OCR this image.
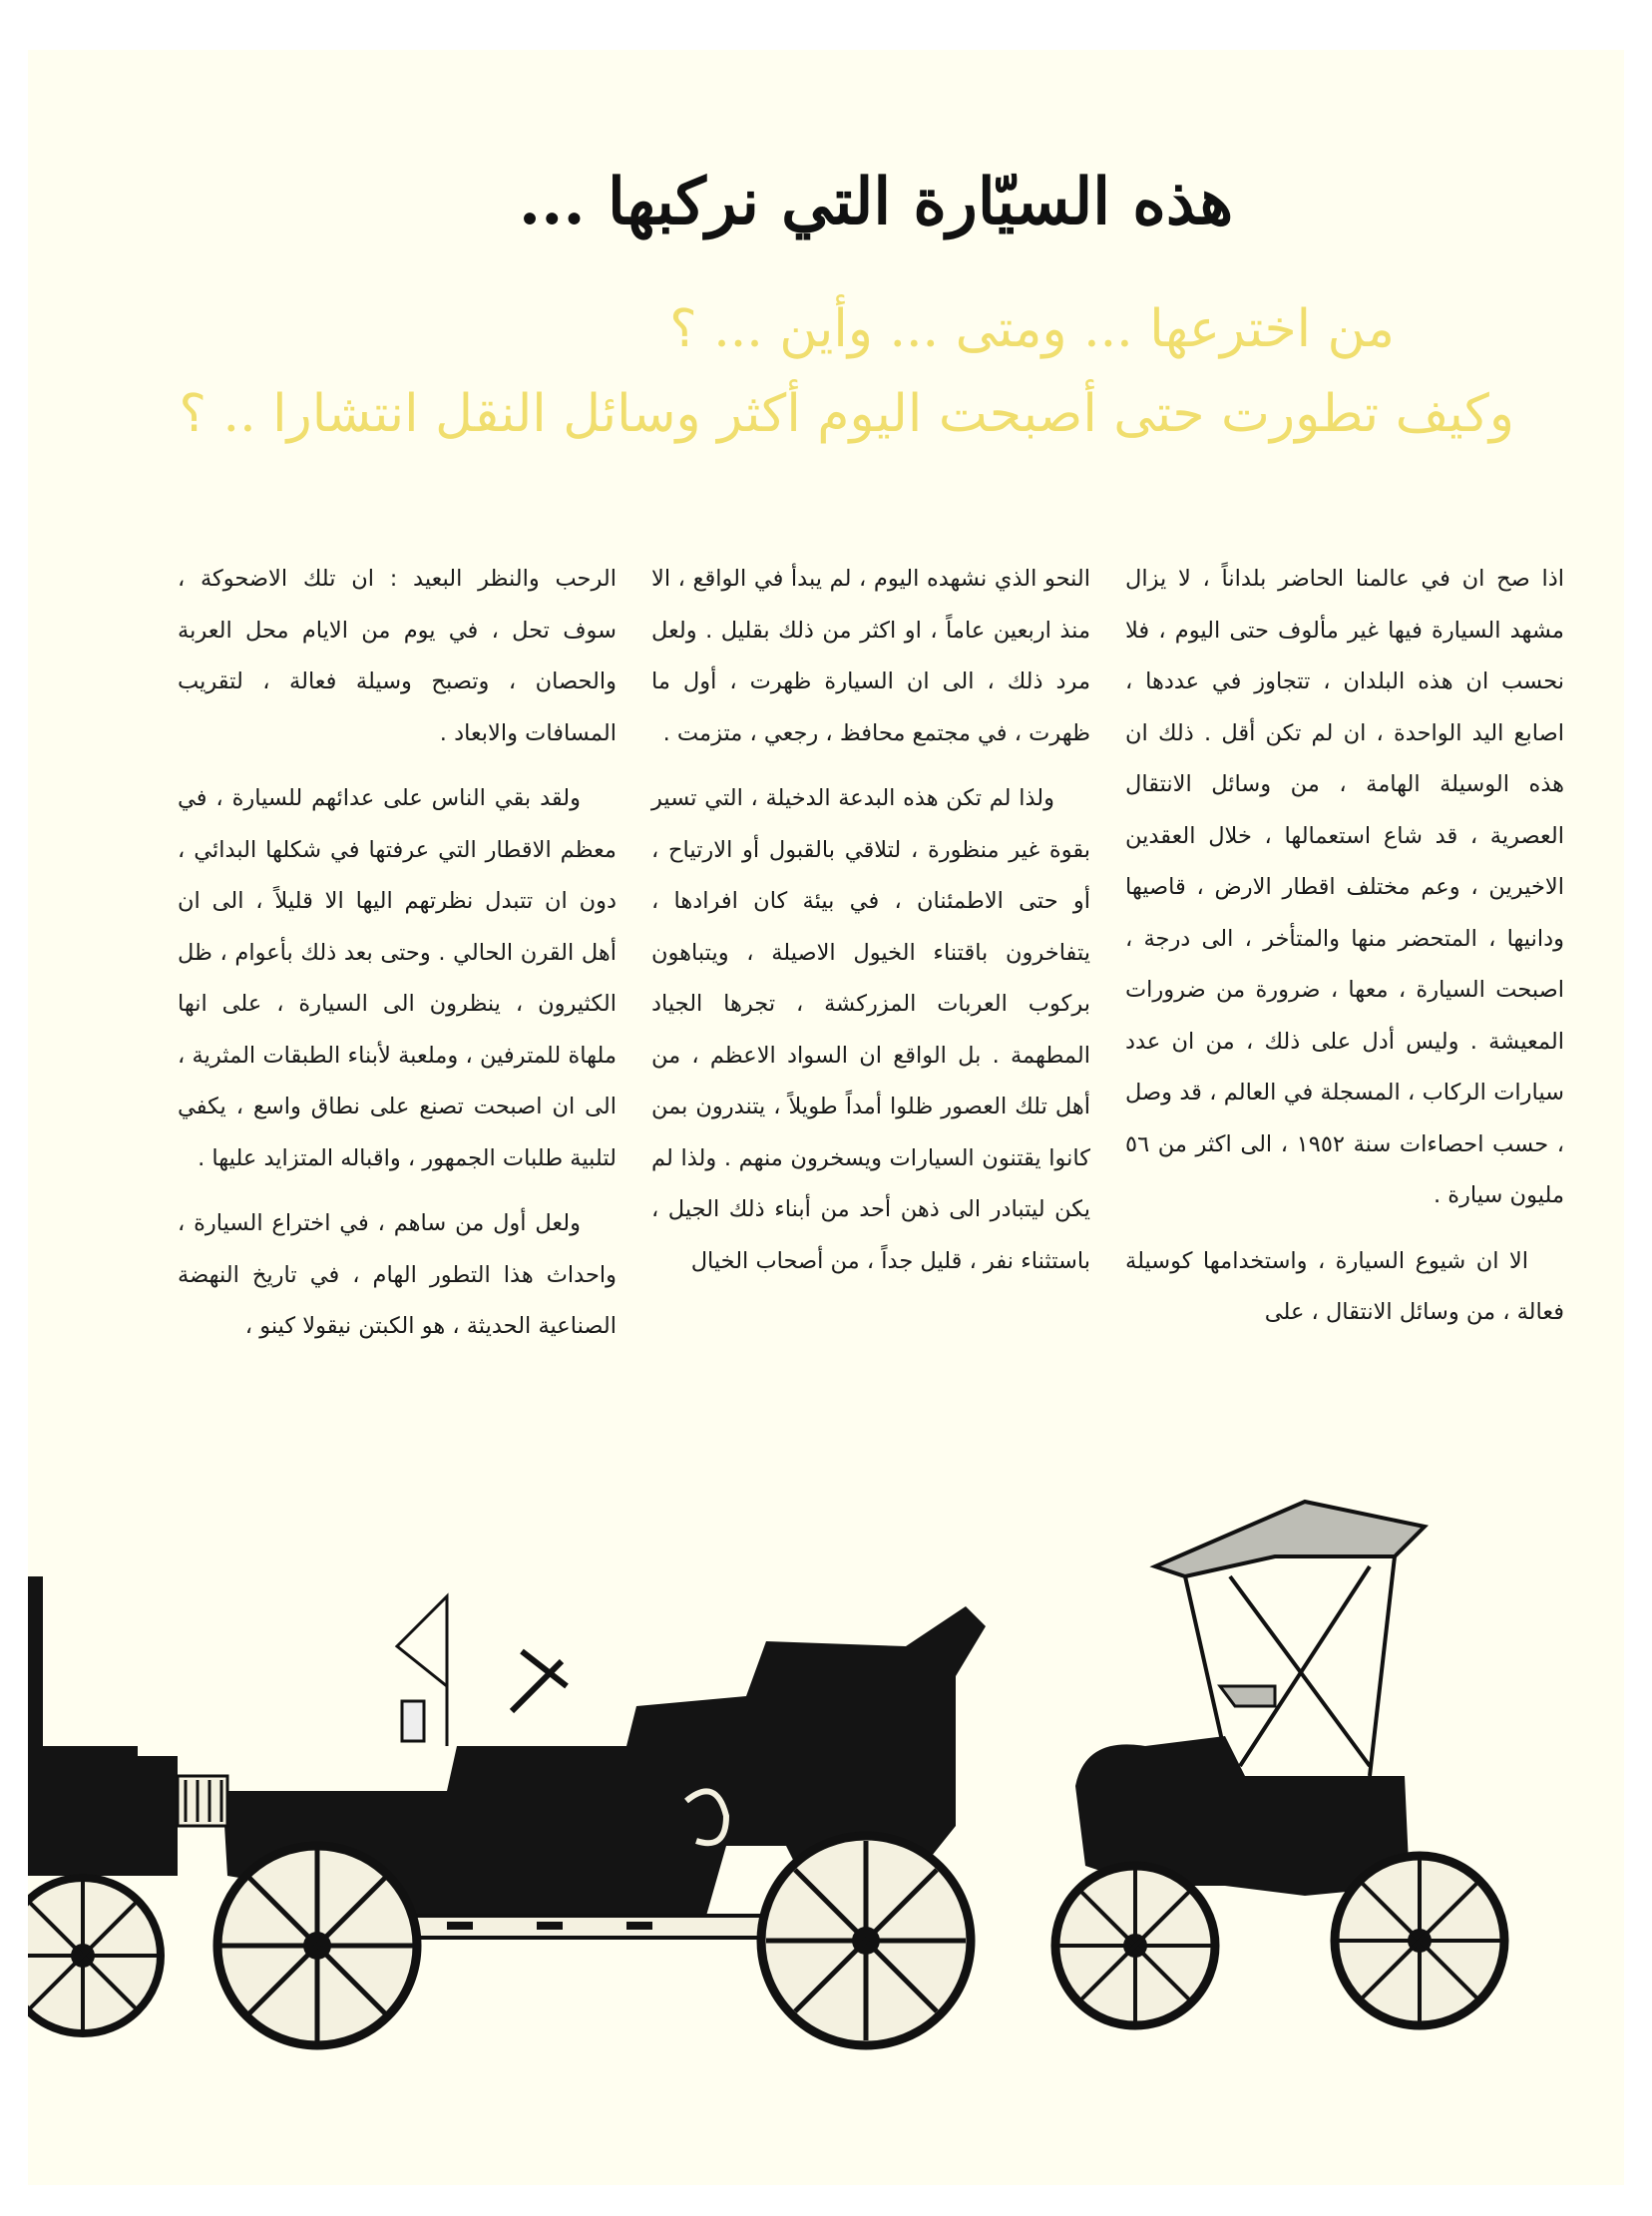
هذه السيّارة التي نركبها ...
من اخترعها ... ومتى ... وأين ... ؟
وكيف تطورت حتى أصبحت اليوم أكثر وسائل النقل انتشارا .. ؟

اذا صح ان في عالمنا الحاضر بلداناً ، لا يزال مشهد السيارة فيها غير مألوف حتى اليوم ، فلا نحسب ان هذه البلدان ، تتجاوز في عددها ، اصابع اليد الواحدة ، ان لم تكن أقل . ذلك ان هذه الوسيلة الهامة ، من وسائل الانتقال العصرية ، قد شاع استعمالها ، خلال العقدين الاخيرين ، وعم مختلف اقطار الارض ، قاصيها ودانيها ، المتحضر منها والمتأخر ، الى درجة ، اصبحت السيارة ، معها ، ضرورة من ضرورات المعيشة . وليس أدل على ذلك ، من ان عدد سيارات الركاب ، المسجلة في العالم ، قد وصل ، حسب احصاءات سنة ١٩٥٢ ، الى اكثر من ٥٦ مليون سيارة .

الا ان شيوع السيارة ، واستخدامها كوسيلة فعالة ، من وسائل الانتقال ، على

النحو الذي نشهده اليوم ، لم يبدأ في الواقع ، الا منذ اربعين عاماً ، او اكثر من ذلك بقليل . ولعل مرد ذلك ، الى ان السيارة ظهرت ، أول ما ظهرت ، في مجتمع محافظ ، رجعي ، متزمت .

ولذا لم تكن هذه البدعة الدخيلة ، التي تسير بقوة غير منظورة ، لتلاقي بالقبول أو الارتياح ، أو حتى الاطمئنان ، في بيئة كان افرادها ، يتفاخرون باقتناء الخيول الاصيلة ، ويتباهون بركوب العربات المزركشة ، تجرها الجياد المطهمة . بل الواقع ان السواد الاعظم ، من أهل تلك العصور ظلوا أمداً طويلاً ، يتندرون بمن كانوا يقتنون السيارات ويسخرون منهم . ولذا لم يكن ليتبادر الى ذهن أحد من أبناء ذلك الجيل ، باستثناء نفر ، قليل جداً ، من أصحاب الخيال

الرحب والنظر البعيد : ان تلك الاضحوكة ، سوف تحل ، في يوم من الايام محل العربة والحصان ، وتصبح وسيلة فعالة ، لتقريب المسافات والابعاد .

ولقد بقي الناس على عدائهم للسيارة ، في معظم الاقطار التي عرفتها في شكلها البدائي ، دون ان تتبدل نظرتهم اليها الا قليلاً ، الى ان أهل القرن الحالي . وحتى بعد ذلك بأعوام ، ظل الكثيرون ، ينظرون الى السيارة ، على انها ملهاة للمترفين ، وملعبة لأبناء الطبقات المثرية ، الى ان اصبحت تصنع على نطاق واسع ، يكفي لتلبية طلبات الجمهور ، واقباله المتزايد عليها .

ولعل أول من ساهم ، في اختراع السيارة ، واحداث هذا التطور الهام ، في تاريخ النهضة الصناعية الحديثة ، هو الكبتن نيقولا كينو ،
